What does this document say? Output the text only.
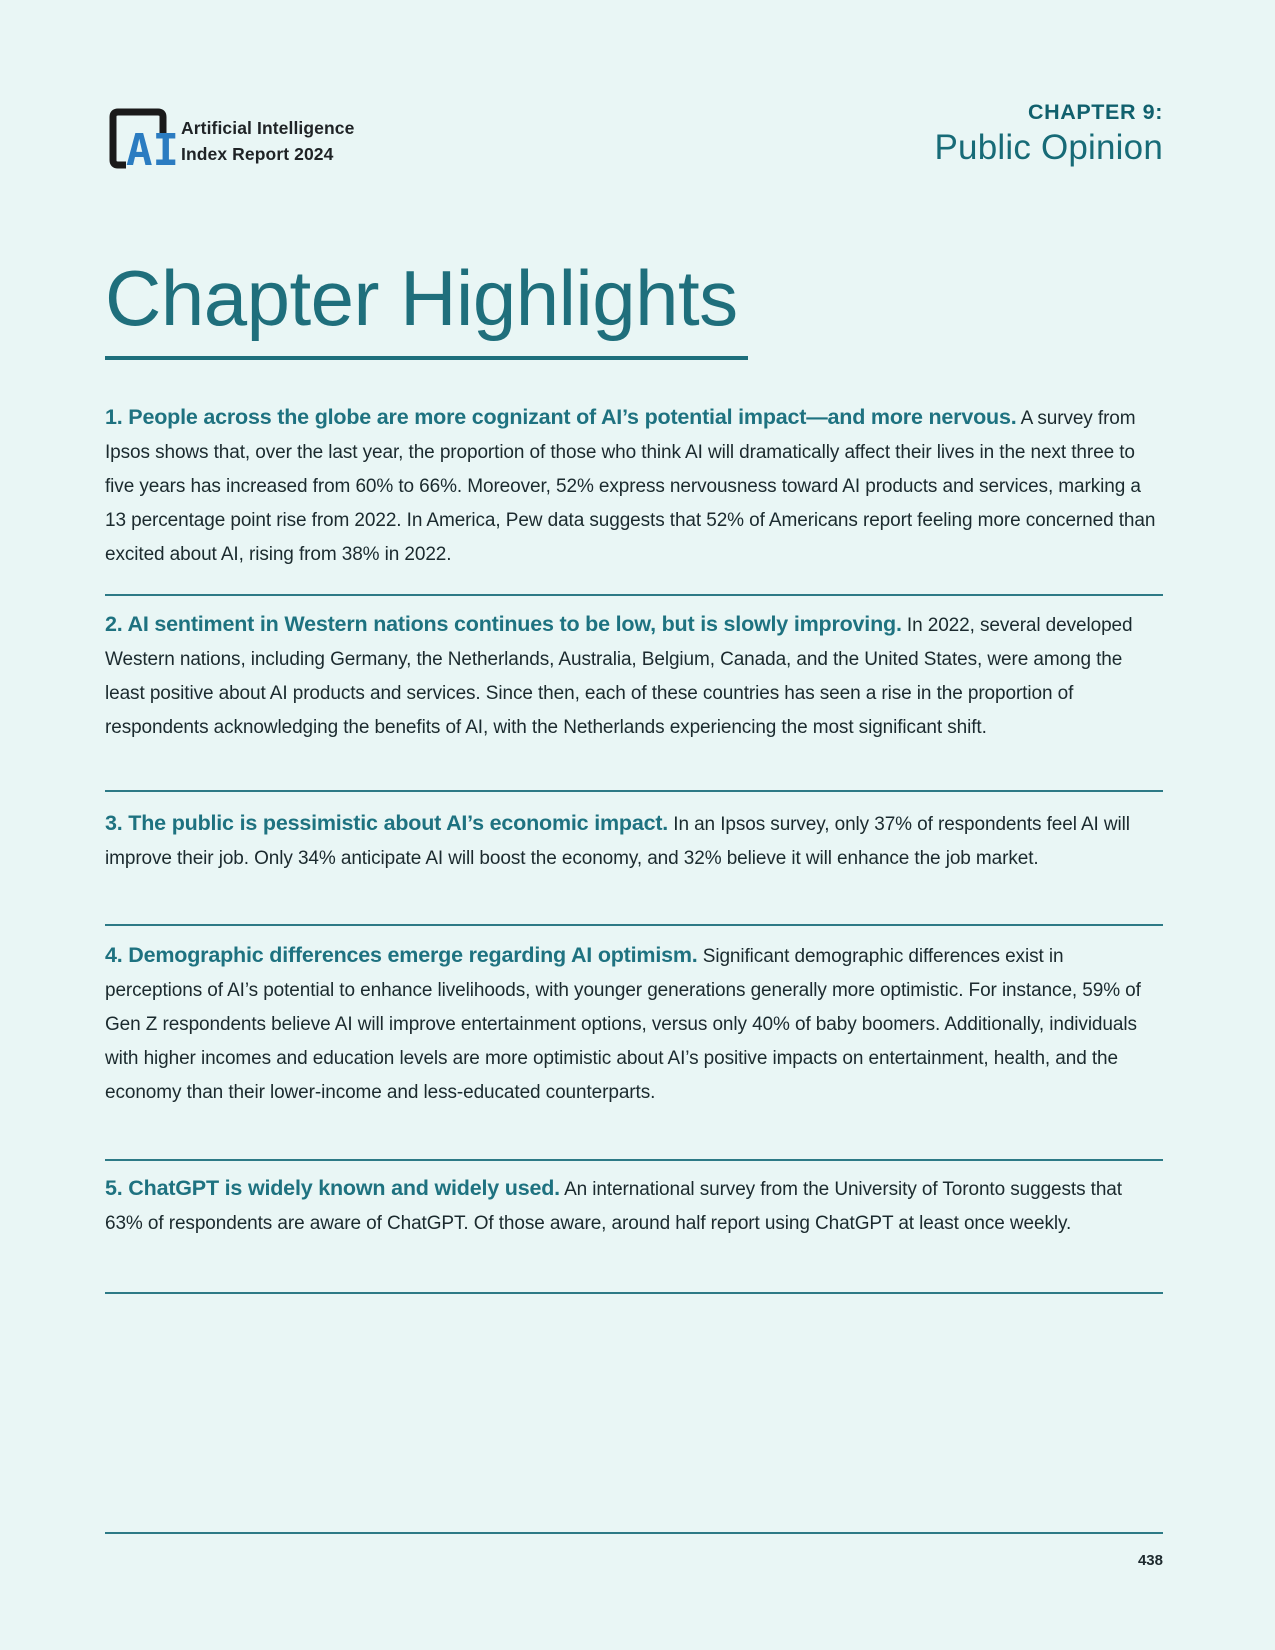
AI Artificial Intelligence
Index Report 2024
CHAPTER 9:
Public Opinion
Chapter Highlights

1. People across the globe are more cognizant of AI’s potential impact—and more nervous. A survey from Ipsos shows that, over the last year, the proportion of those who think AI will dramatically affect their lives in the next three to five years has increased from 60% to 66%. Moreover, 52% express nervousness toward AI products and services, marking a 13 percentage point rise from 2022. In America, Pew data suggests that 52% of Americans report feeling more concerned than excited about AI, rising from 38% in 2022.

2. AI sentiment in Western nations continues to be low, but is slowly improving. In 2022, several developed Western nations, including Germany, the Netherlands, Australia, Belgium, Canada, and the United States, were among the least positive about AI products and services. Since then, each of these countries has seen a rise in the proportion of respondents acknowledging the benefits of AI, with the Netherlands experiencing the most significant shift.

3. The public is pessimistic about AI’s economic impact. In an Ipsos survey, only 37% of respondents feel AI will improve their job. Only 34% anticipate AI will boost the economy, and 32% believe it will enhance the job market.

4. Demographic differences emerge regarding AI optimism. Significant demographic differences exist in perceptions of AI’s potential to enhance livelihoods, with younger generations generally more optimistic. For instance, 59% of Gen Z respondents believe AI will improve entertainment options, versus only 40% of baby boomers. Additionally, individuals with higher incomes and education levels are more optimistic about AI’s positive impacts on entertainment, health, and the economy than their lower-income and less-educated counterparts.

5. ChatGPT is widely known and widely used. An international survey from the University of Toronto suggests that 63% of respondents are aware of ChatGPT. Of those aware, around half report using ChatGPT at least once weekly.

438
